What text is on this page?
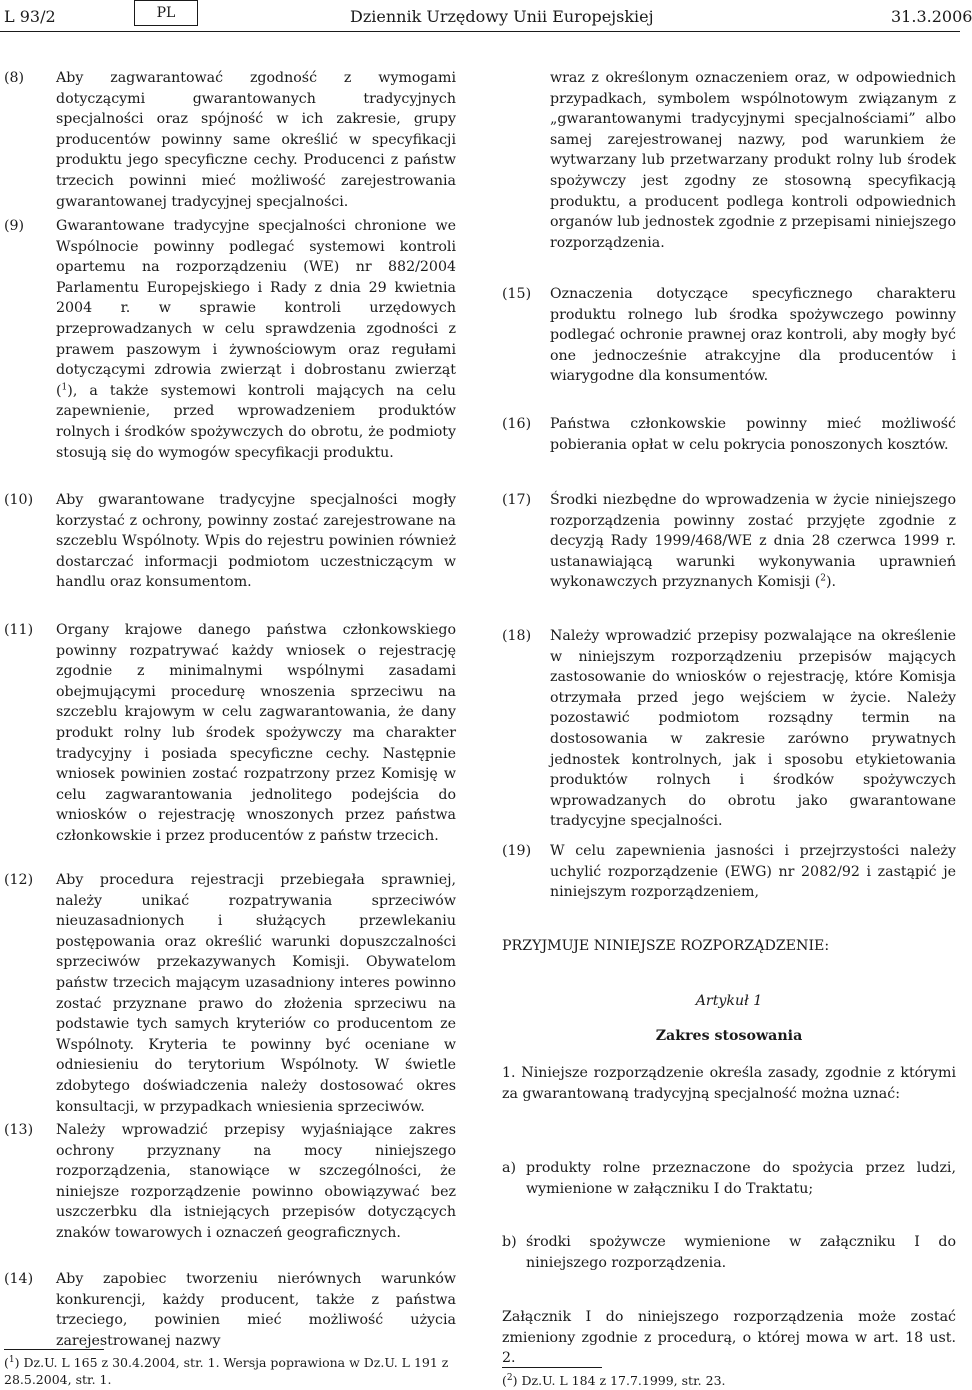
L 93/2	PL	Dziennik Urzędowy Unii Europejskiej	31.3.2006
(8) Aby zagwarantować zgodność z wymogami dotyczącymi gwarantowanych tradycyjnych specjalności oraz spójność w ich zakresie, grupy producentów powinny same określić w specyfikacji produktu jego specyficzne cechy. Producenci z państw trzecich powinni mieć możliwość zarejestrowania gwarantowanej tradycyjnej specjalności.
(9) Gwarantowane tradycyjne specjalności chronione we Wspólnocie powinny podlegać systemowi kontroli opartemu na rozporządzeniu (WE) nr 882/2004 Parlamentu Europejskiego i Rady z dnia 29 kwietnia 2004 r. w sprawie kontroli urzędowych przeprowadzanych w celu sprawdzenia zgodności z prawem paszowym i żywnościowym oraz regułami dotyczącymi zdrowia zwierząt i dobrostanu zwierząt ($^1$), a także systemowi kontroli mających na celu zapewnienie, przed wprowadzeniem produktów rolnych i środków spożywczych do obrotu, że podmioty stosują się do wymogów specyfikacji produktu.
(10) Aby gwarantowane tradycyjne specjalności mogły korzystać z ochrony, powinny zostać zarejestrowane na szczeblu Wspólnoty. Wpis do rejestru powinien również dostarczać informacji podmiotom uczestniczącym w handlu oraz konsumentom.
(11) Organy krajowe danego państwa członkowskiego powinny rozpatrywać każdy wniosek o rejestrację zgodnie z minimalnymi wspólnymi zasadami obejmującymi procedurę wnoszenia sprzeciwu na szczeblu krajowym w celu zagwarantowania, że dany produkt rolny lub środek spożywczy ma charakter tradycyjny i posiada specyficzne cechy. Następnie wniosek powinien zostać rozpatrzony przez Komisję w celu zagwarantowania jednolitego podejścia do wniosków o rejestrację wnoszonych przez państwa członkowskie i przez producentów z państw trzecich.
(12) Aby procedura rejestracji przebiegała sprawniej, należy unikać rozpatrywania sprzeciwów nieuzasadnionych i służących przewlekaniu postępowania oraz określić warunki dopuszczalności sprzeciwów przekazywanych Komisji. Obywatelom państw trzecich mającym uzasadniony interes powinno zostać przyznane prawo do złożenia sprzeciwu na podstawie tych samych kryteriów co producentom ze Wspólnoty. Kryteria te powinny być oceniane w odniesieniu do terytorium Wspólnoty. W świetle zdobytego doświadczenia należy dostosować okres konsultacji, w przypadkach wniesienia sprzeciwów.
(13) Należy wprowadzić przepisy wyjaśniające zakres ochrony przyznany na mocy niniejszego rozporządzenia, stanowiące w szczególności, że niniejsze rozporządzenie powinno obowiązywać bez uszczerbku dla istniejących przepisów dotyczących znaków towarowych i oznaczeń geograficznych.
(14) Aby zapobiec tworzeniu nierównych warunków konkurencji, każdy producent, także z państwa trzeciego, powinien mieć możliwość użycia zarejestrowanej nazwy
($^1$) Dz.U. L 165 z 30.4.2004, str. 1. Wersja poprawiona w Dz.U. L 191 z 28.5.2004, str. 1.
wraz z określonym oznaczeniem oraz, w odpowiednich przypadkach, symbolem wspólnotowym związanym z „gwarantowanymi tradycyjnymi specjalnościami” albo samej zarejestrowanej nazwy, pod warunkiem że wytwarzany lub przetwarzany produkt rolny lub środek spożywczy jest zgodny ze stosowną specyfikacją produktu, a producent podlega kontroli odpowiednich organów lub jednostek zgodnie z przepisami niniejszego rozporządzenia.
(15) Oznaczenia dotyczące specyficznego charakteru produktu rolnego lub środka spożywczego powinny podlegać ochronie prawnej oraz kontroli, aby mogły być one jednocześnie atrakcyjne dla producentów i wiarygodne dla konsumentów.
(16) Państwa członkowskie powinny mieć możliwość pobierania opłat w celu pokrycia ponoszonych kosztów.
(17) Środki niezbędne do wprowadzenia w życie niniejszego rozporządzenia powinny zostać przyjęte zgodnie z decyzją Rady 1999/468/WE z dnia 28 czerwca 1999 r. ustanawiającą warunki wykonywania uprawnień wykonawczych przyznanych Komisji ($^2$).
(18) Należy wprowadzić przepisy pozwalające na określenie w niniejszym rozporządzeniu przepisów mających zastosowanie do wniosków o rejestrację, które Komisja otrzymała przed jego wejściem w życie. Należy pozostawić podmiotom rozsądny termin na dostosowania w zakresie zarówno prywatnych jednostek kontrolnych, jak i sposobu etykietowania produktów rolnych i środków spożywczych wprowadzanych do obrotu jako gwarantowane tradycyjne specjalności.
(19) W celu zapewnienia jasności i przejrzystości należy uchylić rozporządzenie (EWG) nr 2082/92 i zastąpić je niniejszym rozporządzeniem,
PRZYJMUJE NINIEJSZE ROZPORZĄDZENIE:
Artykuł 1
Zakres stosowania
1. Niniejsze rozporządzenie określa zasady, zgodnie z którymi za gwarantowaną tradycyjną specjalność można uznać:
a) produkty rolne przeznaczone do spożycia przez ludzi, wymienione w załączniku I do Traktatu;
b) środki spożywcze wymienione w załączniku I do niniejszego rozporządzenia.
Załącznik I do niniejszego rozporządzenia może zostać zmieniony zgodnie z procedurą, o której mowa w art. 18 ust. 2.
($^2$) Dz.U. L 184 z 17.7.1999, str. 23.
